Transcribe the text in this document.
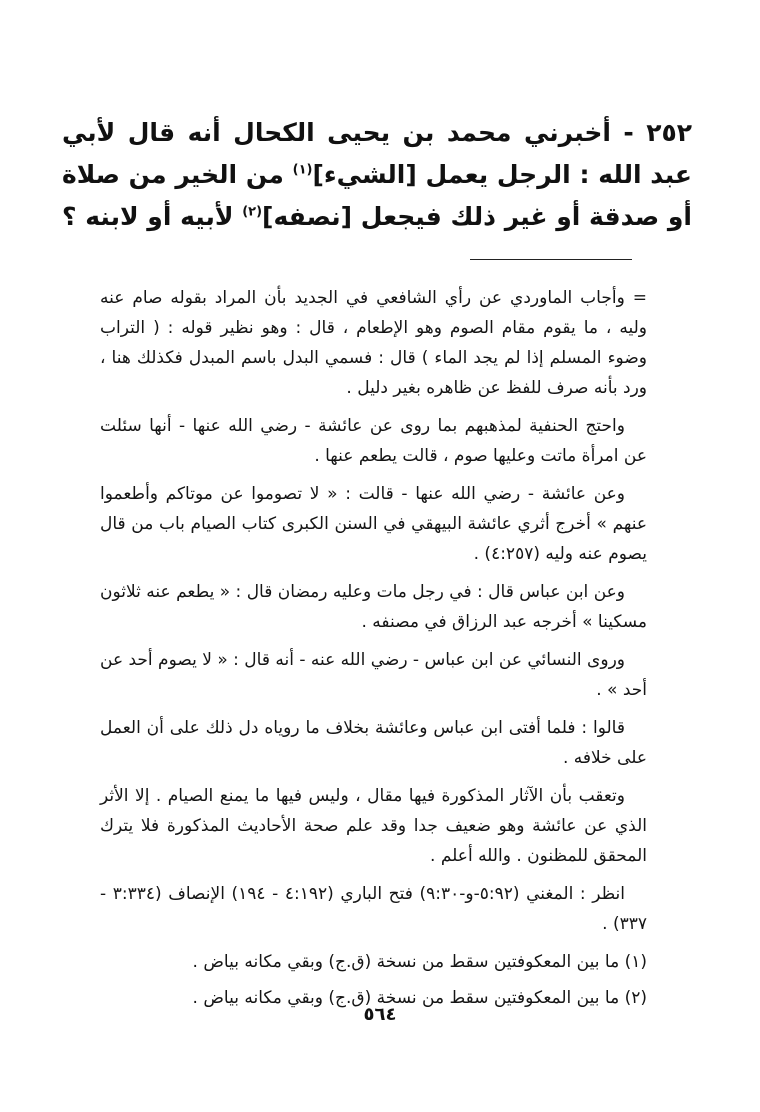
٢٥٢ - أخبرني محمد بن يحيى الكحال أنه قال لأبي عبد الله : الرجل يعمل [الشيء]$^{(١)}$ من الخير من صلاة أو صدقة أو غير ذلك فيجعل [نصفه]$^{(٢)}$ لأبيه أو لابنه ؟

= وأجاب الماوردي عن رأي الشافعي في الجديد بأن المراد بقوله صام عنه وليه ، ما يقوم مقام الصوم وهو الإطعام ، قال : وهو نظير قوله : ( التراب وضوء المسلم إذا لم يجد الماء ) قال : فسمي البدل باسم المبدل فكذلك هنا ، ورد بأنه صرف للفظ عن ظاهره بغير دليل .

واحتج الحنفية لمذهبهم بما روى عن عائشة - رضي الله عنها - أنها سئلت عن امرأة ماتت وعليها صوم ، قالت يطعم عنها .

وعن عائشة - رضي الله عنها - قالت : « لا تصوموا عن موتاكم وأطعموا عنهم » أخرج أثري عائشة البيهقي في السنن الكبرى كتاب الصيام باب من قال يصوم عنه وليه (٤:٢٥٧) .

وعن ابن عباس قال : في رجل مات وعليه رمضان قال : « يطعم عنه ثلاثون مسكينا » أخرجه عبد الرزاق في مصنفه .

وروى النسائي عن ابن عباس - رضي الله عنه - أنه قال : « لا يصوم أحد عن أحد » .

قالوا : فلما أفتى ابن عباس وعائشة بخلاف ما روياه دل ذلك على أن العمل على خلافه .

وتعقب بأن الآثار المذكورة فيها مقال ، وليس فيها ما يمنع الصيام . إلا الأثر الذي عن عائشة وهو ضعيف جدا وقد علم صحة الأحاديث المذكورة فلا يترك المحقق للمظنون . والله أعلم .

انظر : المغني (٥:٩٢-و-٩:٣٠) فتح الباري (٤:١٩٢ - ١٩٤) الإنصاف (٣:٣٣٤ - ٣٣٧) .

(١) ما بين المعكوفتين سقط من نسخة (ق.ج) وبقي مكانه بياض .

(٢) ما بين المعكوفتين سقط من نسخة (ق.ج) وبقي مكانه بياض .

٥٦٤
